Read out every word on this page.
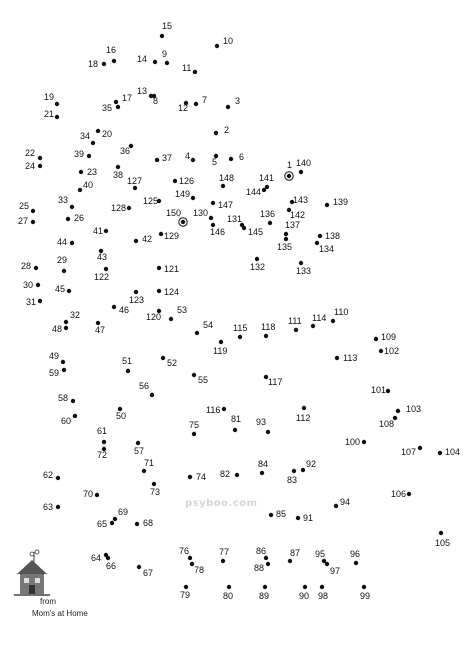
1
2
3
4
5 6
7
8
9
10
11
12
13
14
15
16
17
18
19
20
21
22
23
24
25
26
27
28
29
30
31
32
33
34
35
36
37
38
39
40
41
42
43
44
45
46
47
48
49
50
51	52
53
54
55
56
57
58
59
60
61
62
63
64
65
66
67
68
69
70
71
72
73
74
75
76	77
78
79	80
81
82
83
84
85
86	87
88
89	90
91
92
93
94
95	96
97
98	99
100
101
102
103
104
105
106
107
108
109
110
111
112
113
114
115
116
117
118
119
120
121
122
123
124
125
126
127
128
129
130
131
132	133
134
135
136
137
138
139
140
141
142
143
144
145
146
147
148
149
150
psyboo.com
from
Mom's at Home
